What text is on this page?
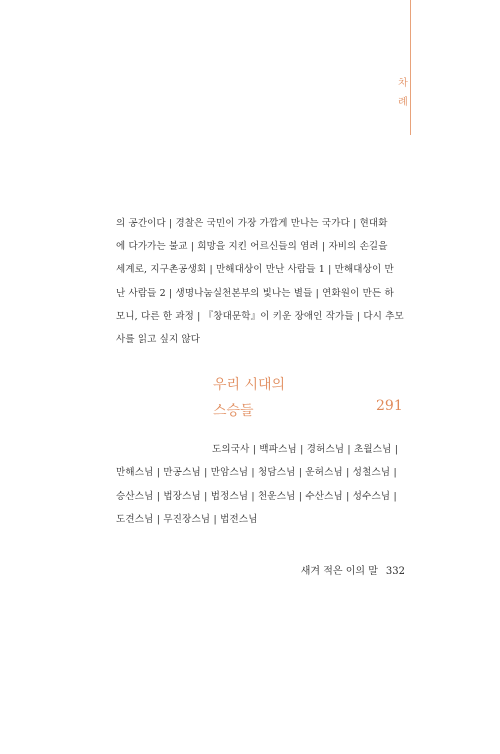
차
례
의 공간이다 | 경찰은 국민이 가장 가깝게 만나는 국가다 | 현대화
에 다가가는 불교 | 희망을 지킨 어르신들의 염려 | 자비의 손길을
세계로, 지구촌공생회 | 만해대상이 만난 사람들 1 | 만해대상이 만
난 사람들 2 | 생명나눔실천본부의 빛나는 별들 | 연화원이 만든 하
모니, 다른 한 과정 | 『창대문학』이 키운 장애인 작가들 | 다시 추모
사를 읽고 싶지 않다
우리 시대의
스승들	291
도의국사 | 백파스님 | 경허스님 | 초월스님 |
만해스님 | 만공스님 | 만암스님 | 청담스님 | 운허스님 | 성철스님 |
승산스님 | 법장스님 | 법정스님 | 천운스님 | 수산스님 | 성수스님 |
도견스님 | 무진장스님 | 법전스님
새겨 적은 이의 말 332
